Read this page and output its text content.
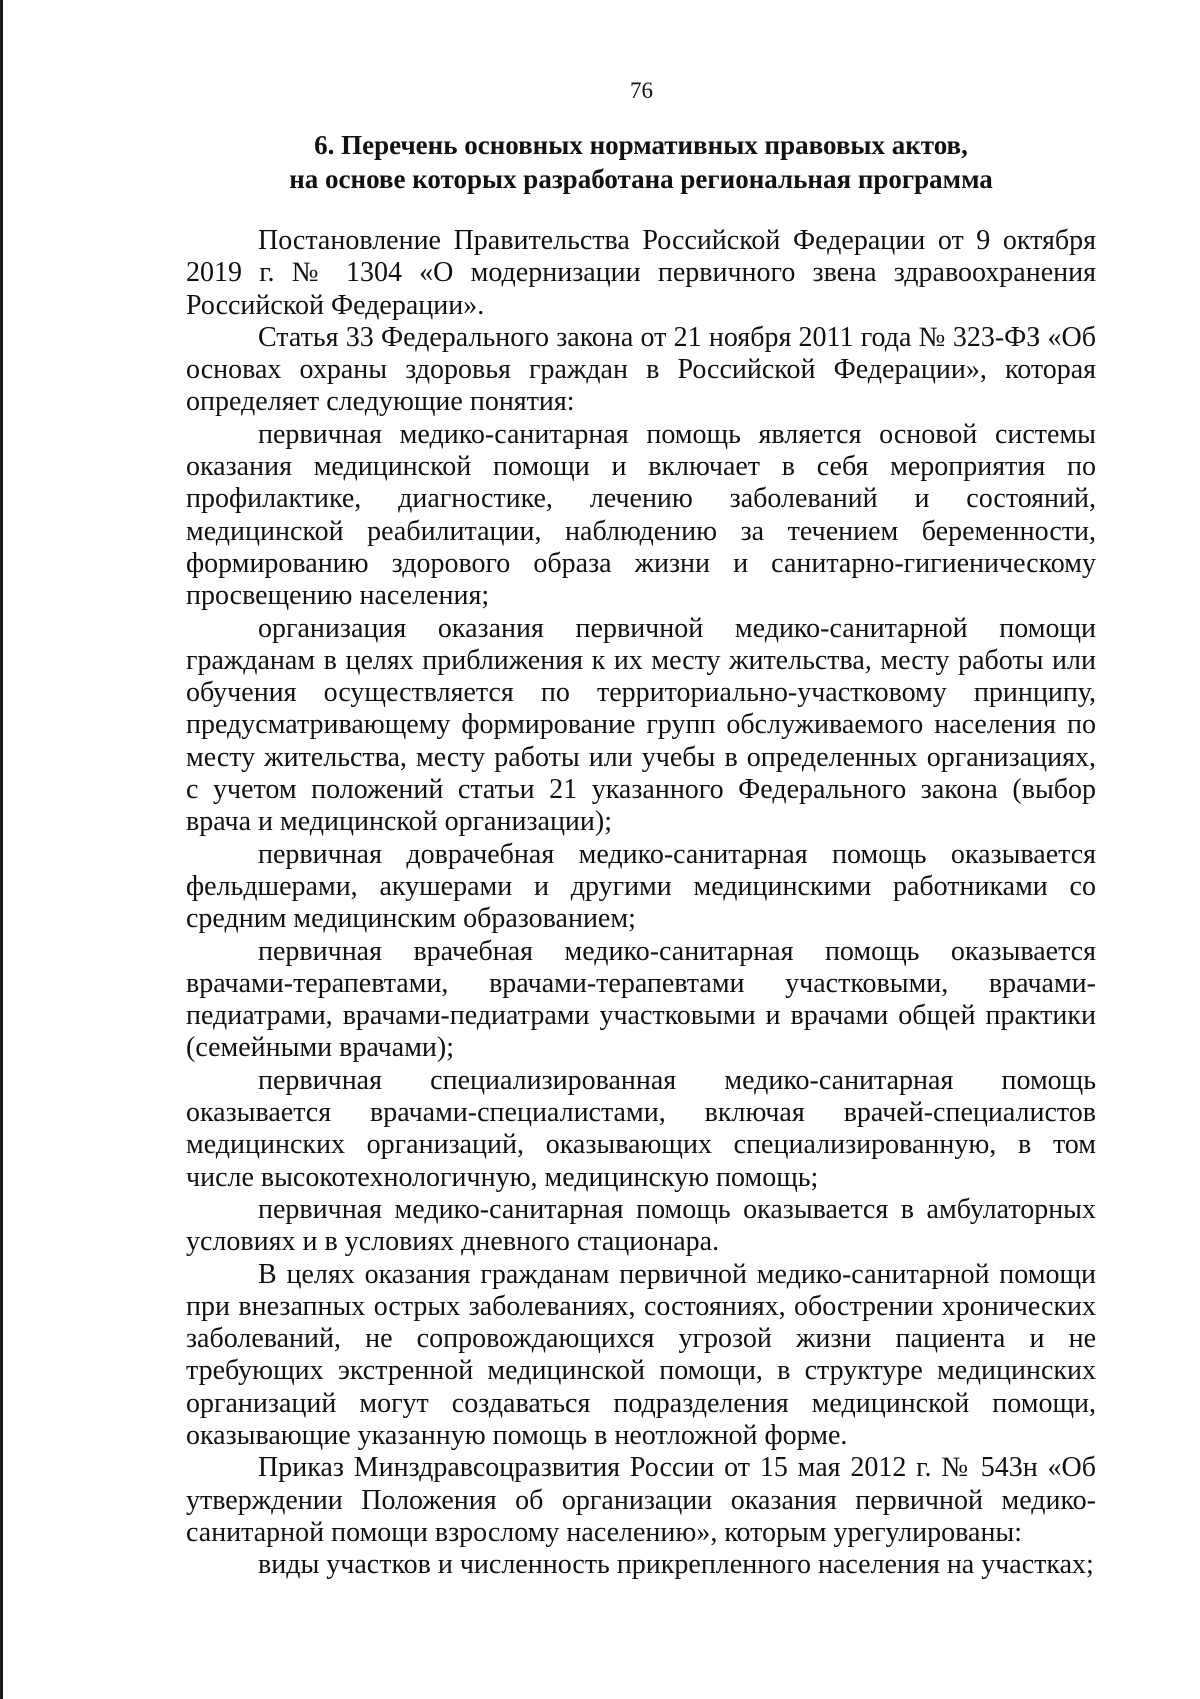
76
6. Перечень основных нормативных правовых актов,
на основе которых разработана региональная программа

Постановление Правительства Российской Федерации от 9 октября 2019 г. № 1304 «О модернизации первичного звена здравоохранения Российской Федерации».

Статья 33 Федерального закона от 21 ноября 2011 года № 323-ФЗ «Об основах охраны здоровья граждан в Российской Федерации», которая определяет следующие понятия:

первичная медико-санитарная помощь является основой системы оказания медицинской помощи и включает в себя мероприятия по профилактике, диагностике, лечению заболеваний и состояний, медицинской реабилитации, наблюдению за течением беременности, формированию здорового образа жизни и санитарно-гигиеническому просвещению населения;

организация оказания первичной медико-санитарной помощи гражданам в целях приближения к их месту жительства, месту работы или обучения осуществляется по территориально-участковому принципу, предусматривающему формирование групп обслуживаемого населения по месту жительства, месту работы или учебы в определенных организациях, с учетом положений статьи 21 указанного Федерального закона (выбор врача и медицинской организации);

первичная доврачебная медико-санитарная помощь оказывается фельдшерами, акушерами и другими медицинскими работниками со средним медицинским образованием;

первичная врачебная медико-санитарная помощь оказывается врачами-терапевтами, врачами-терапевтами участковыми, врачами-педиатрами, врачами-педиатрами участковыми и врачами общей практики (семейными врачами);

первичная специализированная медико-санитарная помощь оказывается врачами-специалистами, включая врачей-специалистов медицинских организаций, оказывающих специализированную, в том числе высокотехнологичную, медицинскую помощь;

первичная медико-санитарная помощь оказывается в амбулаторных условиях и в условиях дневного стационара.

В целях оказания гражданам первичной медико-санитарной помощи при внезапных острых заболеваниях, состояниях, обострении хронических заболеваний, не сопровождающихся угрозой жизни пациента и не требующих экстренной медицинской помощи, в структуре медицинских организаций могут создаваться подразделения медицинской помощи, оказывающие указанную помощь в неотложной форме.

Приказ Минздравсоцразвития России от 15 мая 2012 г. № 543н «Об утверждении Положения об организации оказания первичной медико-санитарной помощи взрослому населению», которым урегулированы:

виды участков и численность прикрепленного населения на участках;
